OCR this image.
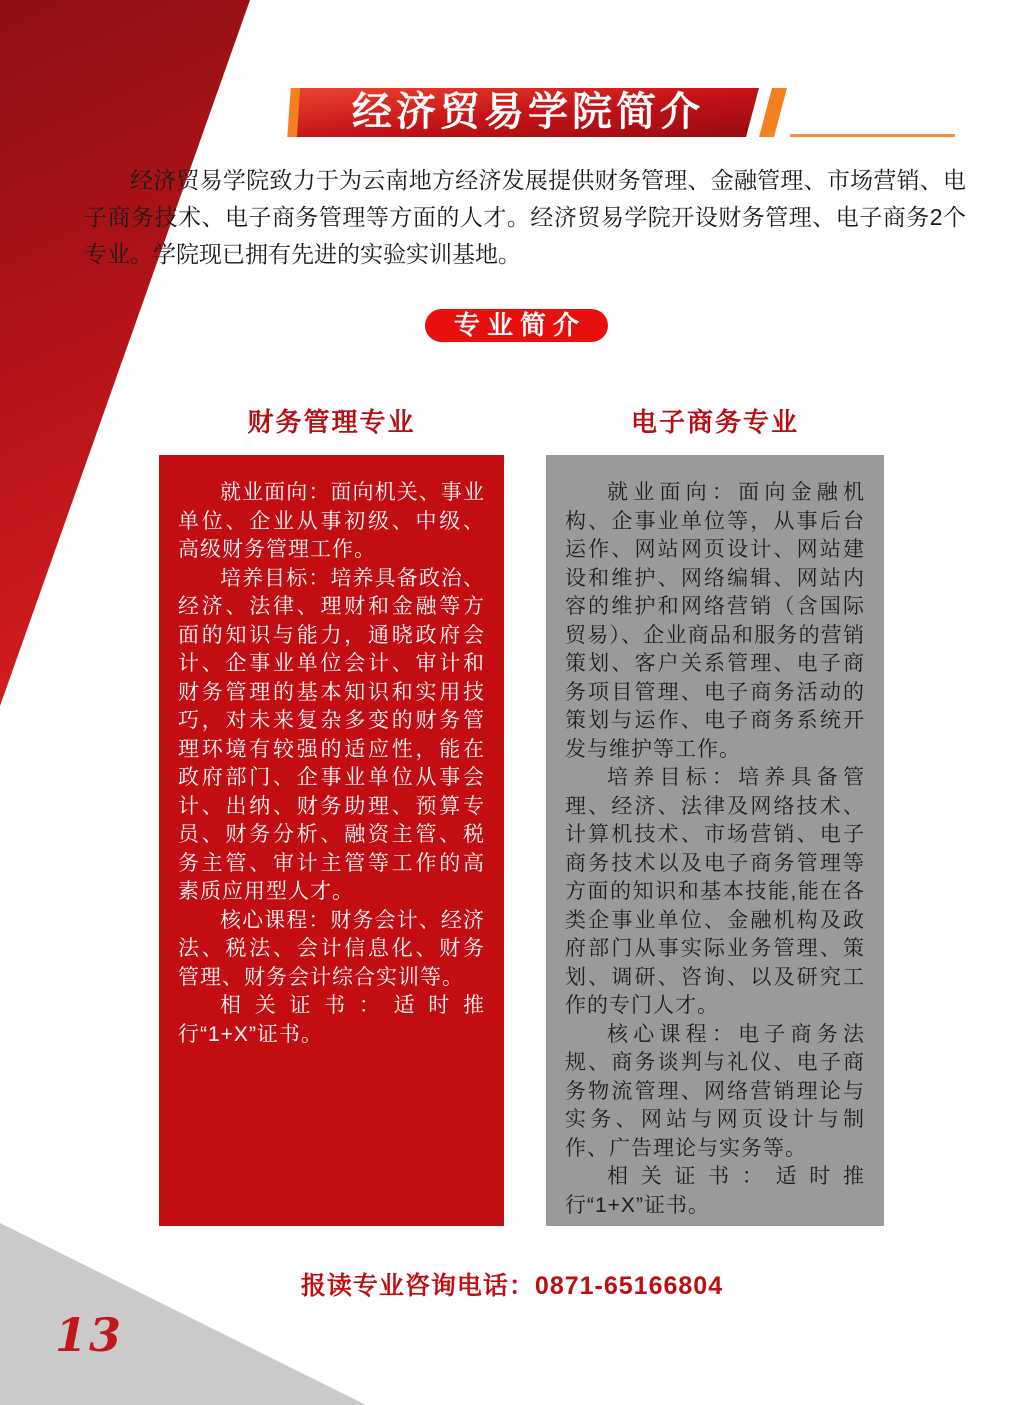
经济贸易学院简介

经济贸易学院致力于为云南地方经济发展提供财务管理、金融管理、市场营销、电子商务技术、电子商务管理等方面的人才。经济贸易学院开设财务管理、电子商务2个专业。学院现已拥有先进的实验实训基地。

专业简介
财务管理专业	电子商务专业

就业面向：面向机关、事业单位、企业从事初级、中级、高级财务管理工作。

培养目标：培养具备政治、经济、法律、理财和金融等方面的知识与能力，通晓政府会计、企事业单位会计、审计和财务管理的基本知识和实用技巧，对未来复杂多变的财务管理环境有较强的适应性，能在政府部门、企事业单位从事会计、出纳、财务助理、预算专员、财务分析、融资主管、税务主管、审计主管等工作的高素质应用型人才。

核心课程：财务会计、经济法、税法、会计信息化、财务管理、财务会计综合实训等。

相关证书：适时推行“1+X”证书。

就业面向：面向金融机构、企事业单位等，从事后台运作、网站网页设计、网站建设和维护、网络编辑、网站内容的维护和网络营销（含国际贸易）、企业商品和服务的营销策划、客户关系管理、电子商务项目管理、电子商务活动的策划与运作、电子商务系统开发与维护等工作。

培养目标：培养具备管理、经济、法律及网络技术、计算机技术、市场营销、电子商务技术以及电子商务管理等方面的知识和基本技能,能在各类企事业单位、金融机构及政府部门从事实际业务管理、策划、调研、咨询、以及研究工作的专门人才。

核心课程：电子商务法规、商务谈判与礼仪、电子商务物流管理、网络营销理论与实务、网站与网页设计与制作、广告理论与实务等。

相关证书：适时推行“1+X”证书。

报读专业咨询电话：0871-65166804

13
